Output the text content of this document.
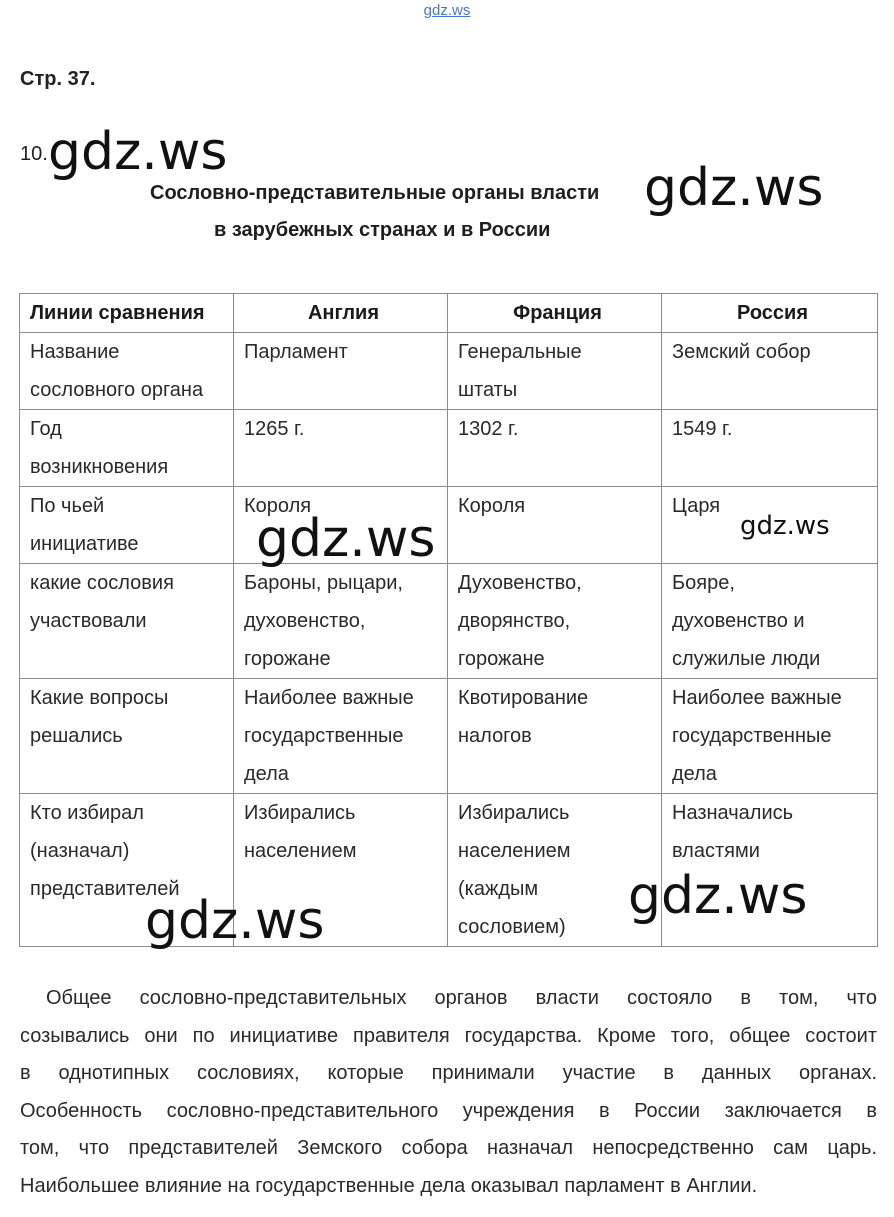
gdz.ws
Стр. 37.
10.
Сословно-представительные органы власти
в зарубежных странах и в России
Линии сравнения	Англия	Франция	Россия

Название
сословного органа	Парламент	Генеральные
штаты	Земский собор

Год
возникновения	1265 г.	1302 г.	1549 г.

По чьей
инициативе	Короля	Короля	Царя

какие сословия
участвовали	Бароны, рыцари,
духовенство,
горожане	Духовенство,
дворянство,
горожане	Бояре,
духовенство и
служилые люди

Какие вопросы
решались	Наиболее важные
государственные
дела	Квотирование
налогов	Наиболее важные
государственные
дела

Кто избирал
(назначал)
представителей	Избирались
населением	Избирались
населением
(каждым
сословием)	Назначались
властями
Общее сословно-представительных органов власти состояло в том, что
созывались они по инициативе правителя государства. Кроме того, общее состоит
в однотипных сословиях, которые принимали участие в данных органах.
Особенность сословно-представительного учреждения в России заключается в
том, что представителей Земского собора назначал непосредственно сам царь.
Наибольшее влияние на государственные дела оказывал парламент в Англии.
gdz.ws
gdz.ws
gdz.ws	gdz.ws
gdz.ws
gdz.ws
